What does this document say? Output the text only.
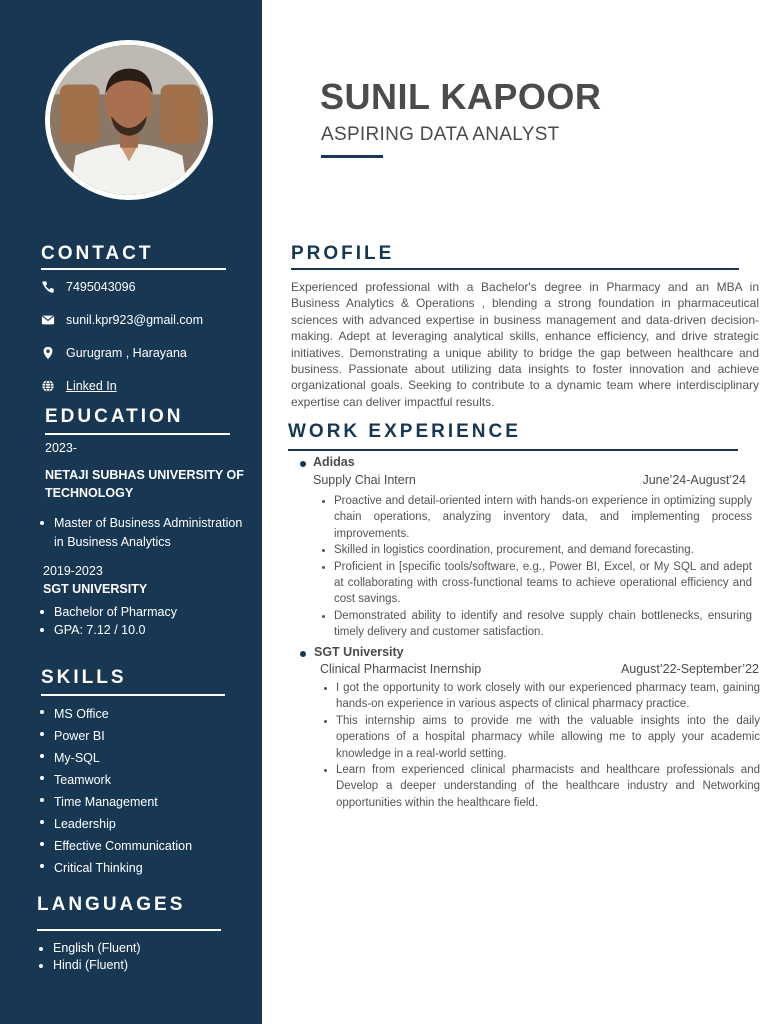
CONTACT
7495043096
sunil.kpr923@gmail.com
Gurugram , Harayana
Linked In
EDUCATION
2023-
NETAJI SUBHAS UNIVERSITY OF TECHNOLOGY
Master of Business Administration in Business Analytics
2019-2023
SGT UNIVERSITY
Bachelor of Pharmacy
GPA: 7.12 / 10.0
SKILLS
MS Office
Power BI
My-SQL
Teamwork
Time Management
Leadership
Effective Communication
Critical Thinking
LANGUAGES
English (Fluent)
Hindi (Fluent)
SUNIL KAPOOR
ASPIRING DATA ANALYST
PROFILE
Experienced professional with a Bachelor's degree in Pharmacy and an MBA in Business Analytics & Operations , blending a strong foundation in pharmaceutical sciences with advanced expertise in business management and data-driven decision-making. Adept at leveraging analytical skills, enhance efficiency, and drive strategic initiatives. Demonstrating a unique ability to bridge the gap between healthcare and business. Passionate about utilizing data insights to foster innovation and achieve organizational goals. Seeking to contribute to a dynamic team where interdisciplinary expertise can deliver impactful results.
WORK EXPERIENCE
Adidas
Supply Chai Intern	June’24-August’24
Proactive and detail-oriented intern with hands-on experience in optimizing supply chain operations, analyzing inventory data, and implementing process improvements.
Skilled in logistics coordination, procurement, and demand forecasting.
Proficient in [specific tools/software, e.g., Power BI, Excel, or My SQL and adept at collaborating with cross-functional teams to achieve operational efficiency and cost savings.
Demonstrated ability to identify and resolve supply chain bottlenecks, ensuring timely delivery and customer satisfaction.
SGT University
Clinical Pharmacist Inernship	August’22-September’22
I got the opportunity to work closely with our experienced pharmacy team, gaining hands-on experience in various aspects of clinical pharmacy practice.
This internship aims to provide me with the valuable insights into the daily operations of a hospital pharmacy while allowing me to apply your academic knowledge in a real-world setting.
Learn from experienced clinical pharmacists and healthcare professionals and Develop a deeper understanding of the healthcare industry and Networking opportunities within the healthcare field.
